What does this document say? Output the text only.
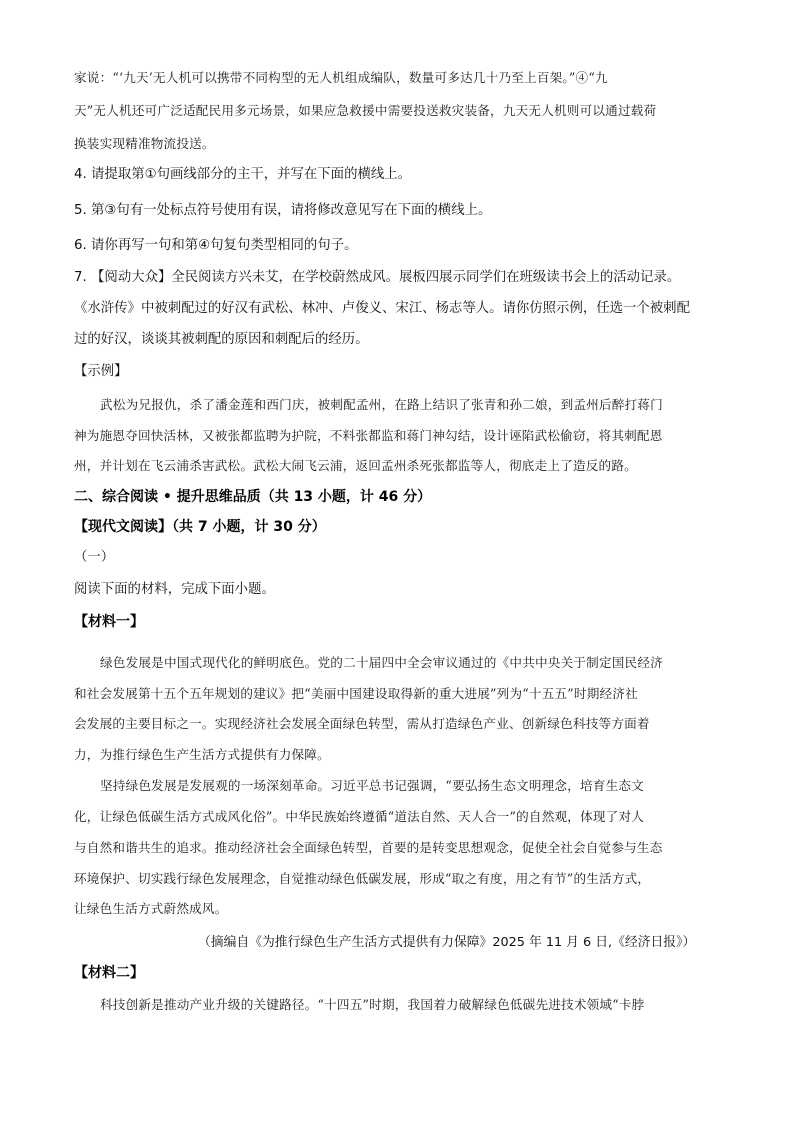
家说：“‘九天’无人机可以携带不同构型的无人机组成编队，数量可多达几十乃至上百架。”④“九
天”无人机还可广泛适配民用多元场景，如果应急救援中需要投送救灾装备，九天无人机则可以通过载荷
换装实现精准物流投送。
4. 请提取第①句画线部分的主干，并写在下面的横线上。
5. 第③句有一处标点符号使用有误，请将修改意见写在下面的横线上。
6. 请你再写一句和第④句复句类型相同的句子。
7. 【阅动大众】全民阅读方兴未艾，在学校蔚然成风。展板四展示同学们在班级读书会上的活动记录。
《水浒传》中被刺配过的好汉有武松、林冲、卢俊义、宋江、杨志等人。请你仿照示例，任选一个被刺配
过的好汉，谈谈其被刺配的原因和刺配后的经历。
【示例】
武松为兄报仇，杀了潘金莲和西门庆，被刺配孟州，在路上结识了张青和孙二娘，到孟州后醉打蒋门
神为施恩夺回快活林，又被张都监聘为护院，不料张都监和蒋门神勾结，设计诬陷武松偷窃，将其刺配恩
州，并计划在飞云浦杀害武松。武松大闹飞云浦，返回孟州杀死张都监等人，彻底走上了造反的路。
二、综合阅读 • 提升思维品质（共 13 小题，计 46 分）
【现代文阅读】（共 7 小题，计 30 分）
（一）
阅读下面的材料，完成下面小题。
【材料一】
绿色发展是中国式现代化的鲜明底色。党的二十届四中全会审议通过的《中共中央关于制定国民经济
和社会发展第十五个五年规划的建议》把“美丽中国建设取得新的重大进展”列为“十五五”时期经济社
会发展的主要目标之一。实现经济社会发展全面绿色转型，需从打造绿色产业、创新绿色科技等方面着
力，为推行绿色生产生活方式提供有力保障。
坚持绿色发展是发展观的一场深刻革命。习近平总书记强调，“要弘扬生态文明理念，培育生态文
化，让绿色低碳生活方式成风化俗”。中华民族始终遵循“道法自然、天人合一”的自然观，体现了对人
与自然和谐共生的追求。推动经济社会全面绿色转型，首要的是转变思想观念，促使全社会自觉参与生态
环境保护、切实践行绿色发展理念，自觉推动绿色低碳发展，形成“取之有度，用之有节”的生活方式，
让绿色生活方式蔚然成风。
（摘编自《为推行绿色生产生活方式提供有力保障》2025 年 11 月 6 日,《经济日报》）
【材料二】
科技创新是推动产业升级的关键路径。“十四五”时期，我国着力破解绿色低碳先进技术领域“卡脖
